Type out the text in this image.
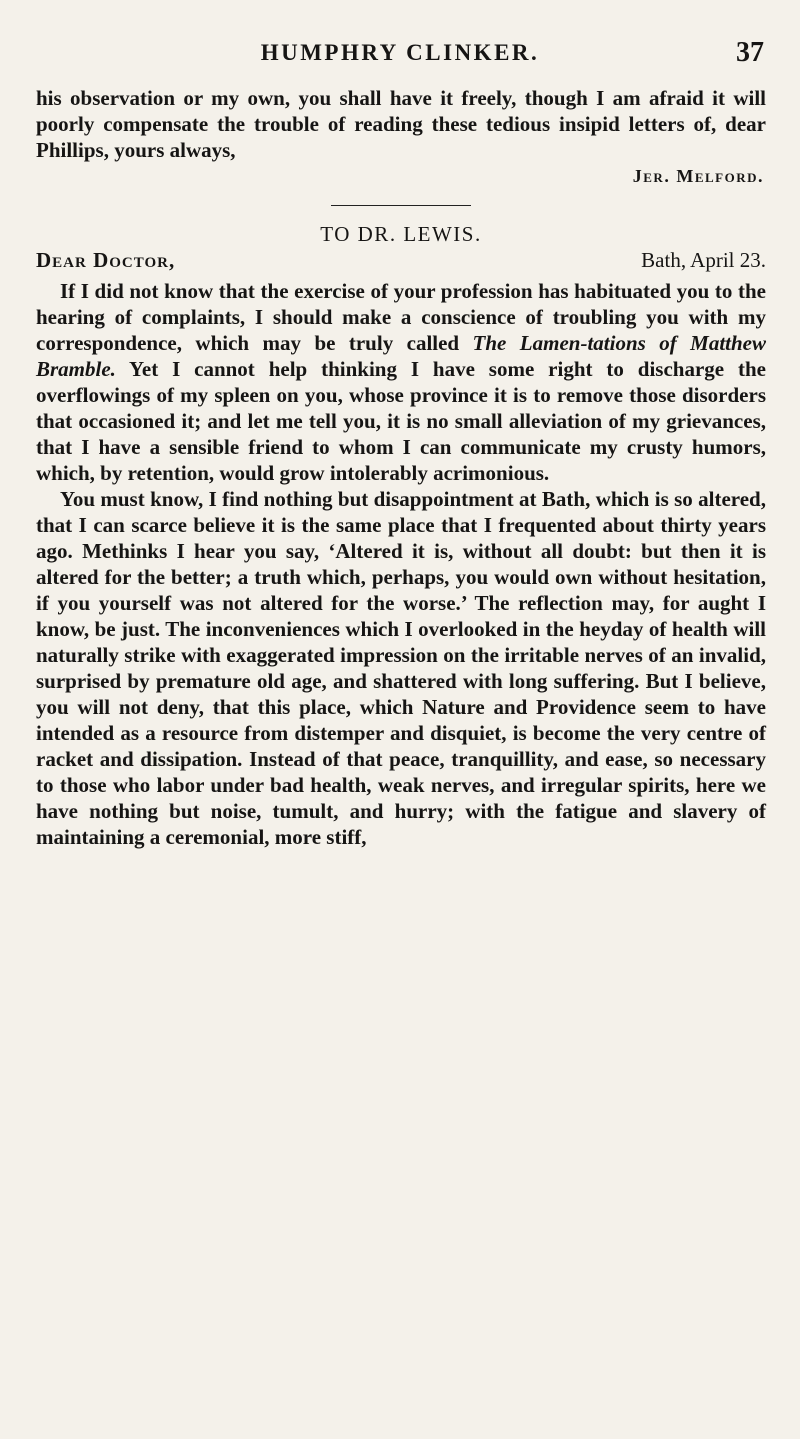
HUMPHRY CLINKER.	37

his observation or my own, you shall have it freely, though I am afraid it will poorly compensate the trouble of reading these tedious insipid letters of, dear Phillips, yours always,

Jer. Melford.

TO DR. LEWIS.

Dear Doctor,	Bath, April 23.

If I did not know that the exercise of your profession has habituated you to the hearing of complaints, I should make a conscience of troubling you with my correspondence, which may be truly called The Lamen-tations of Matthew Bramble. Yet I cannot help thinking I have some right to discharge the overflowings of my spleen on you, whose province it is to remove those disorders that occasioned it; and let me tell you, it is no small alleviation of my grievances, that I have a sensible friend to whom I can communicate my crusty humors, which, by retention, would grow intolerably acrimonious.

You must know, I find nothing but disappointment at Bath, which is so altered, that I can scarce believe it is the same place that I frequented about thirty years ago. Methinks I hear you say, ‘Altered it is, without all doubt: but then it is altered for the better; a truth which, perhaps, you would own without hesitation, if you yourself was not altered for the worse.’ The reflection may, for aught I know, be just. The inconveniences which I overlooked in the heyday of health will naturally strike with exaggerated impression on the irritable nerves of an invalid, surprised by premature old age, and shattered with long suffering. But I believe, you will not deny, that this place, which Nature and Providence seem to have intended as a resource from distemper and disquiet, is become the very centre of racket and dissipation. Instead of that peace, tranquillity, and ease, so necessary to those who labor under bad health, weak nerves, and irregular spirits, here we have nothing but noise, tumult, and hurry; with the fatigue and slavery of maintaining a ceremonial, more stiff,
